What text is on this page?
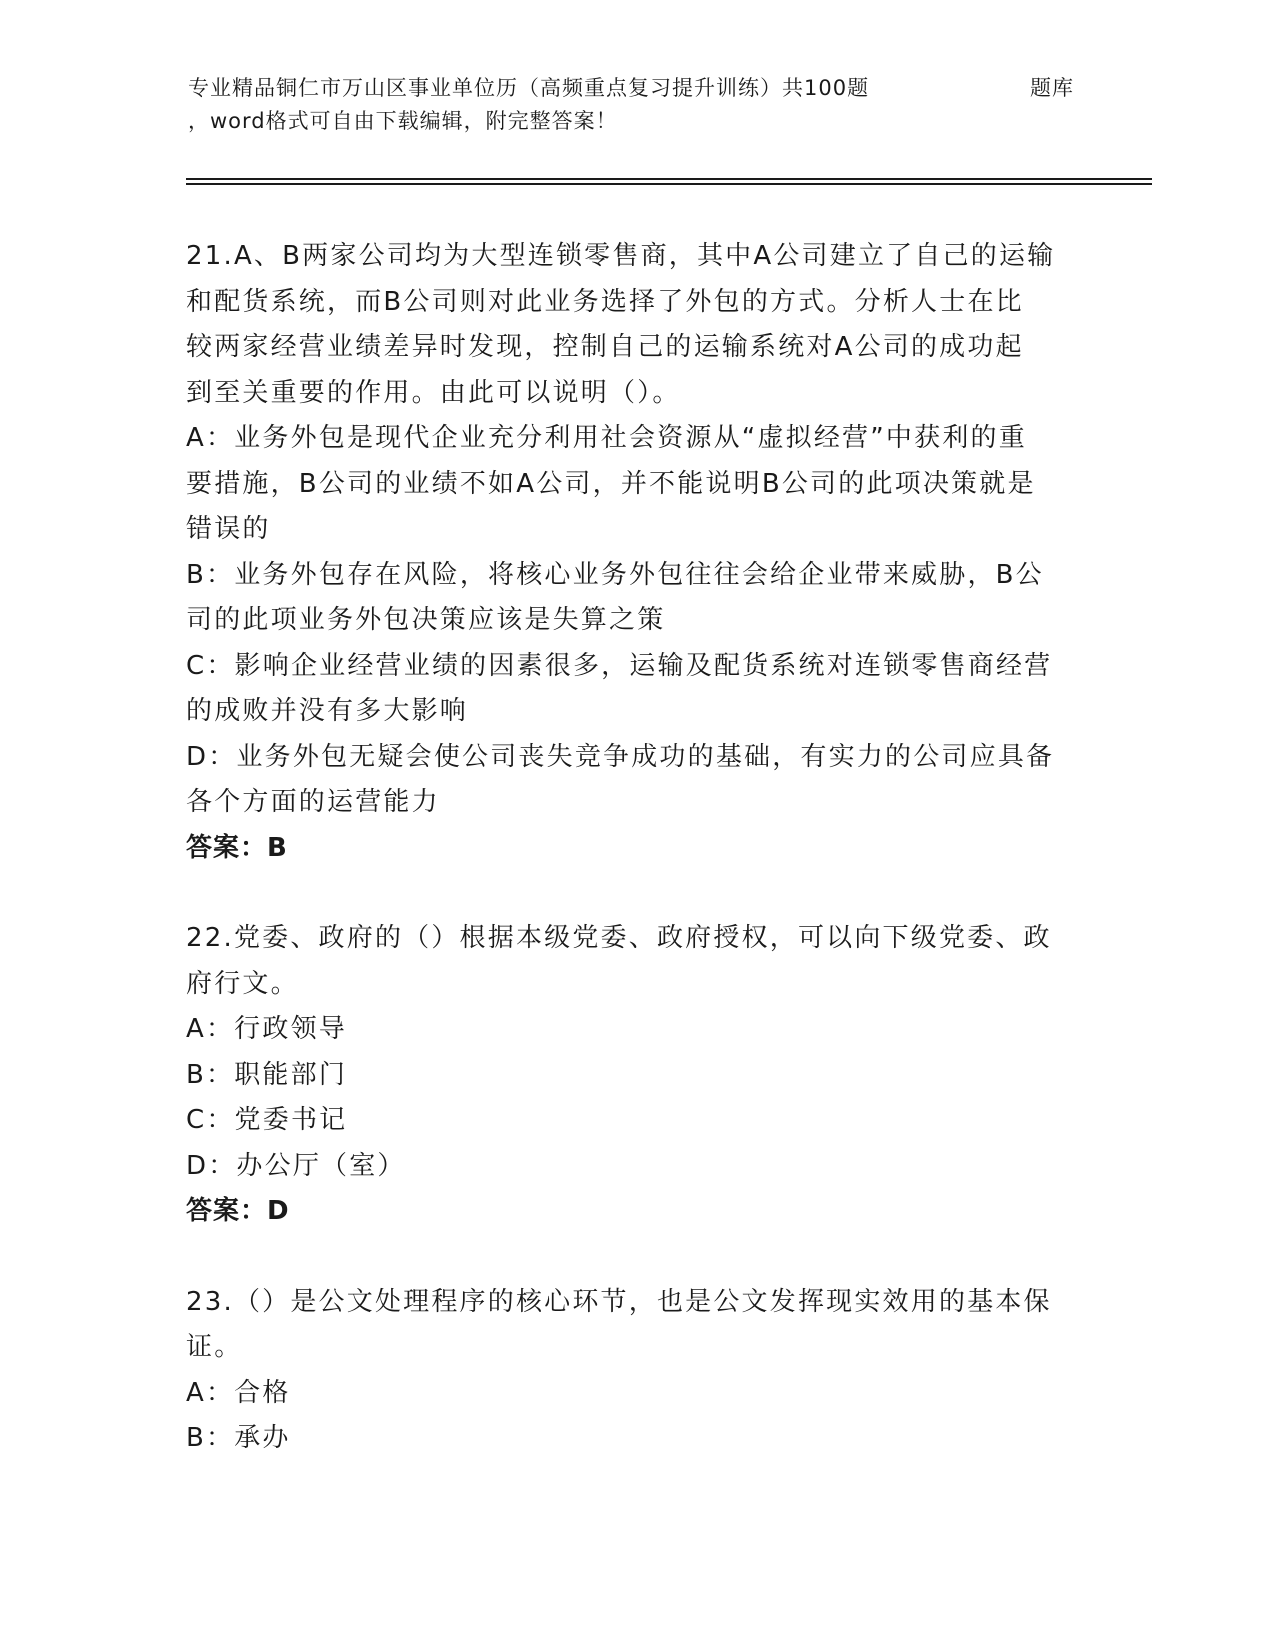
专业精品铜仁市万山区事业单位历（高频重点复习提升训练）共100题
，word格式可自由下载编辑，附完整答案！
题库
21.A、B两家公司均为大型连锁零售商，其中A公司建立了自己的运输
和配货系统，而B公司则对此业务选择了外包的方式。分析人士在比
较两家经营业绩差异时发现，控制自己的运输系统对A公司的成功起
到至关重要的作用。由此可以说明（）。
A：业务外包是现代企业充分利用社会资源从“虚拟经营”中获利的重
要措施，B公司的业绩不如A公司，并不能说明B公司的此项决策就是
错误的
B：业务外包存在风险，将核心业务外包往往会给企业带来威胁，B公
司的此项业务外包决策应该是失算之策
C：影响企业经营业绩的因素很多，运输及配货系统对连锁零售商经营
的成败并没有多大影响
D：业务外包无疑会使公司丧失竞争成功的基础，有实力的公司应具备
各个方面的运营能力
答案：B
22.党委、政府的（）根据本级党委、政府授权，可以向下级党委、政
府行文。
A：行政领导
B：职能部门
C：党委书记
D：办公厅（室）
答案：D
23.（）是公文处理程序的核心环节，也是公文发挥现实效用的基本保
证。
A：合格
B：承办
